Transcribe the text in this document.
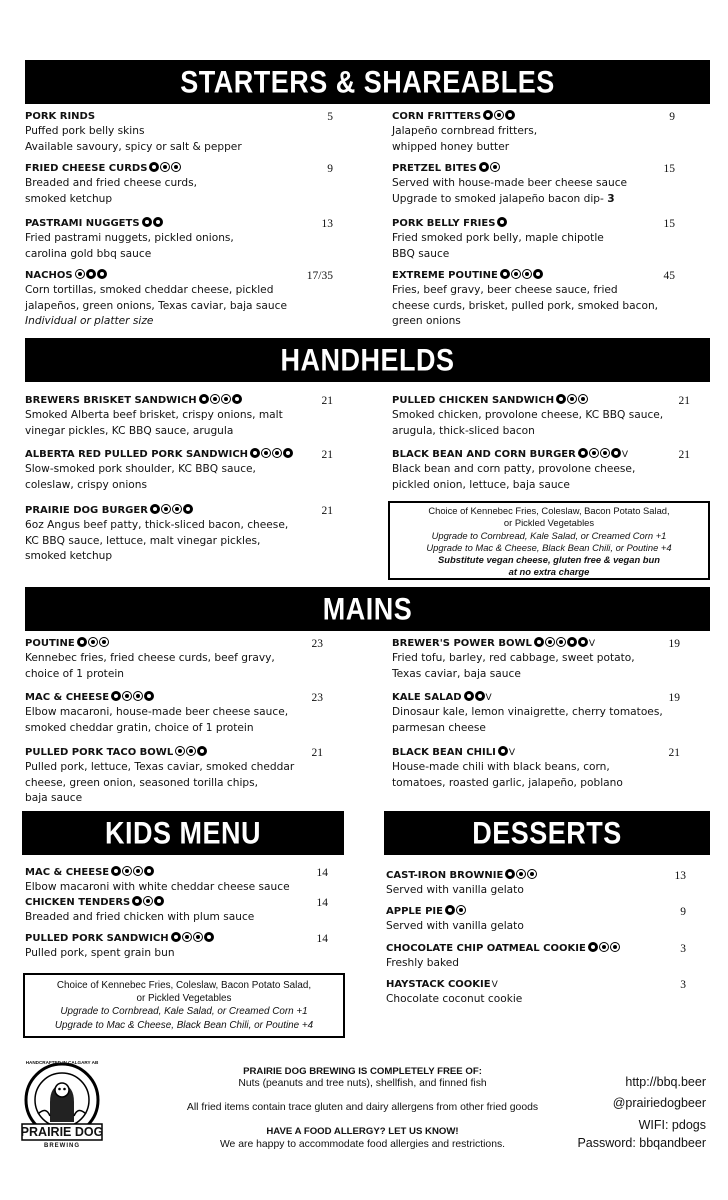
STARTERS & SHAREABLES
PORK RINDS	5
Puffed pork belly skins
Available savoury, spicy or salt & pepper
FRIED CHEESE CURDS	9
Breaded and fried cheese curds,
smoked ketchup
PASTRAMI NUGGETS	13
Fried pastrami nuggets, pickled onions,
carolina gold bbq sauce
NACHOS	17/35
Corn tortillas, smoked cheddar cheese, pickled
jalapeños, green onions, Texas caviar, baja sauce
Individual or platter size
CORN FRITTERS	9
Jalapeño cornbread fritters,
whipped honey butter
PRETZEL BITES	15
Served with house-made beer cheese sauce
Upgrade to smoked jalapeño bacon dip- 3
PORK BELLY FRIES	15
Fried smoked pork belly, maple chipotle
BBQ sauce
EXTREME POUTINE	45
Fries, beef gravy, beer cheese sauce, fried
cheese curds, brisket, pulled pork, smoked bacon,
green onions
HANDHELDS
BREWERS BRISKET SANDWICH	21
Smoked Alberta beef brisket, crispy onions, malt
vinegar pickles, KC BBQ sauce, arugula
ALBERTA RED PULLED PORK SANDWICH	21
Slow-smoked pork shoulder, KC BBQ sauce,
coleslaw, crispy onions
PRAIRIE DOG BURGER	21
6oz Angus beef patty, thick-sliced bacon, cheese,
KC BBQ sauce, lettuce, malt vinegar pickles,
smoked ketchup
PULLED CHICKEN SANDWICH	21
Smoked chicken, provolone cheese, KC BBQ sauce,
arugula, thick-sliced bacon
BLACK BEAN AND CORN BURGER	V	21
Black bean and corn patty, provolone cheese,
pickled onion, lettuce, baja sauce
Choice of Kennebec Fries, Coleslaw, Bacon Potato Salad,
or Pickled Vegetables
Upgrade to Cornbread, Kale Salad, or Creamed Corn +1
Upgrade to Mac & Cheese, Black Bean Chili, or Poutine +4
Substitute vegan cheese, gluten free & vegan bun
at no extra charge
MAINS
POUTINE	23
Kennebec fries, fried cheese curds, beef gravy,
choice of 1 protein
MAC & CHEESE	23
Elbow macaroni, house-made beer cheese sauce,
smoked cheddar gratin, choice of 1 protein
PULLED PORK TACO BOWL	21
Pulled pork, lettuce, Texas caviar, smoked cheddar
cheese, green onion, seasoned torilla chips,
baja sauce
BREWER'S POWER BOWL	V	19
Fried tofu, barley, red cabbage, sweet potato,
Texas caviar, baja sauce
KALE SALAD	V	19
Dinosaur kale, lemon vinaigrette, cherry tomatoes,
parmesan cheese
BLACK BEAN CHILI V	21
House-made chili with black beans, corn,
tomatoes, roasted garlic, jalapeño, poblano
KIDS MENU	DESSERTS
MAC & CHEESE	14
Elbow macaroni with white cheddar cheese sauce
CHICKEN TENDERS	14
Breaded and fried chicken with plum sauce
PULLED PORK SANDWICH	14
Pulled pork, spent grain bun
Choice of Kennebec Fries, Coleslaw, Bacon Potato Salad,
or Pickled Vegetables
Upgrade to Cornbread, Kale Salad, or Creamed Corn +1
Upgrade to Mac & Cheese, Black Bean Chili, or Poutine +4
CAST-IRON BROWNIE	13
Served with vanilla gelato
APPLE PIE	9
Served with vanilla gelato
CHOCOLATE CHIP OATMEAL COOKIE	3
Freshly baked
HAYSTACK COOKIEV	3
Chocolate coconut cookie
PRAIRIE DOG
BREWING
HANDCRAFTED IN CALGARY AB
PRAIRIE DOG BREWING IS COMPLETELY FREE OF:
Nuts (peanuts and tree nuts), shellfish, and finned fish
All fried items contain trace gluten and dairy allergens from other fried goods
HAVE A FOOD ALLERGY? LET US KNOW!
We are happy to accommodate food allergies and restrictions.
http://bbq.beer
@prairiedogbeer
WIFI: pdogs
Password: bbqandbeer
